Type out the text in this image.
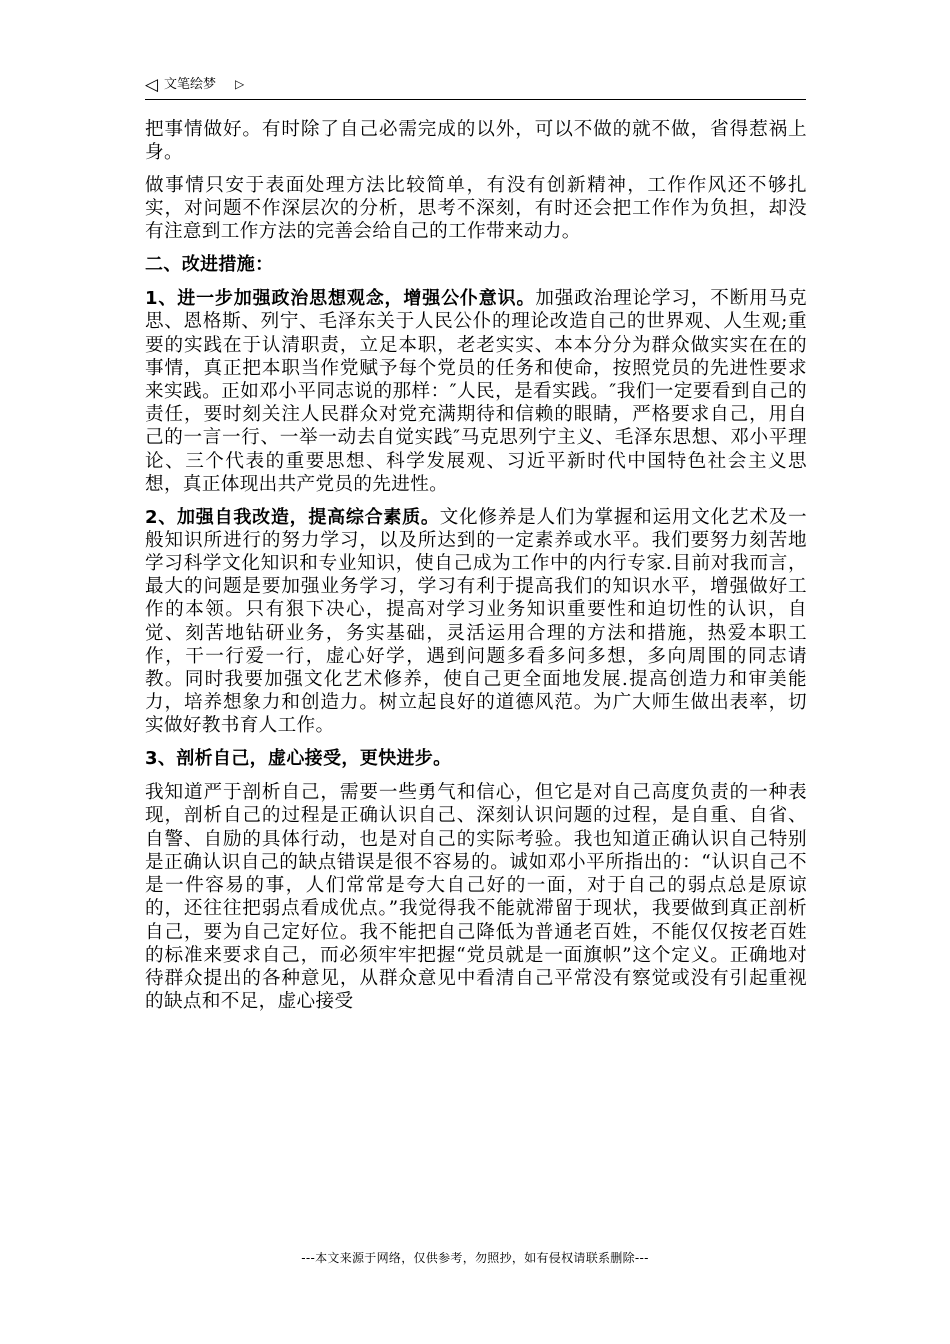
◁ 文笔绘梦 ▷

把事情做好。有时除了自己必需完成的以外，可以不做的就不做，省得惹祸上身。

做事情只安于表面处理方法比较简单，有没有创新精神，工作作风还不够扎实，对问题不作深层次的分析，思考不深刻，有时还会把工作作为负担，却没有注意到工作方法的完善会给自己的工作带来动力。

二、改进措施：

1、进一步加强政治思想观念，增强公仆意识。加强政治理论学习，不断用马克思、恩格斯、列宁、毛泽东关于人民公仆的理论改造自己的世界观、人生观;重要的实践在于认清职责，立足本职，老老实实、本本分分为群众做实实在在的事情，真正把本职当作党赋予每个党员的任务和使命，按照党员的先进性要求来实践。正如邓小平同志说的那样：″人民，是看实践。″我们一定要看到自己的责任，要时刻关注人民群众对党充满期待和信赖的眼睛，严格要求自己，用自己的一言一行、一举一动去自觉实践″马克思列宁主义、毛泽东思想、邓小平理论、三个代表的重要思想、科学发展观、习近平新时代中国特色社会主义思想，真正体现出共产党员的先进性。

2、加强自我改造，提高综合素质。文化修养是人们为掌握和运用文化艺术及一般知识所进行的努力学习，以及所达到的一定素养或水平。我们要努力刻苦地学习科学文化知识和专业知识，使自己成为工作中的内行专家.目前对我而言，最大的问题是要加强业务学习，学习有利于提高我们的知识水平，增强做好工作的本领。只有狠下决心，提高对学习业务知识重要性和迫切性的认识，自觉、刻苦地钻研业务，务实基础，灵活运用合理的方法和措施，热爱本职工作，干一行爱一行，虚心好学，遇到问题多看多问多想，多向周围的同志请教。同时我要加强文化艺术修养，使自己更全面地发展.提高创造力和审美能力，培养想象力和创造力。树立起良好的道德风范。为广大师生做出表率，切实做好教书育人工作。

3、剖析自己，虚心接受，更快进步。

我知道严于剖析自己，需要一些勇气和信心，但它是对自己高度负责的一种表现，剖析自己的过程是正确认识自己、深刻认识问题的过程，是自重、自省、自警、自励的具体行动，也是对自己的实际考验。我也知道正确认识自己特别是正确认识自己的缺点错误是很不容易的。诚如邓小平所指出的：“认识自己不是一件容易的事，人们常常是夸大自己好的一面，对于自己的弱点总是原谅的，还往往把弱点看成优点。”我觉得我不能就滞留于现状，我要做到真正剖析自己，要为自己定好位。我不能把自己降低为普通老百姓，不能仅仅按老百姓的标准来要求自己，而必须牢牢把握“党员就是一面旗帜”这个定义。正确地对待群众提出的各种意见，从群众意见中看清自己平常没有察觉或没有引起重视的缺点和不足，虚心接受

---本文来源于网络，仅供参考，勿照抄，如有侵权请联系删除---
